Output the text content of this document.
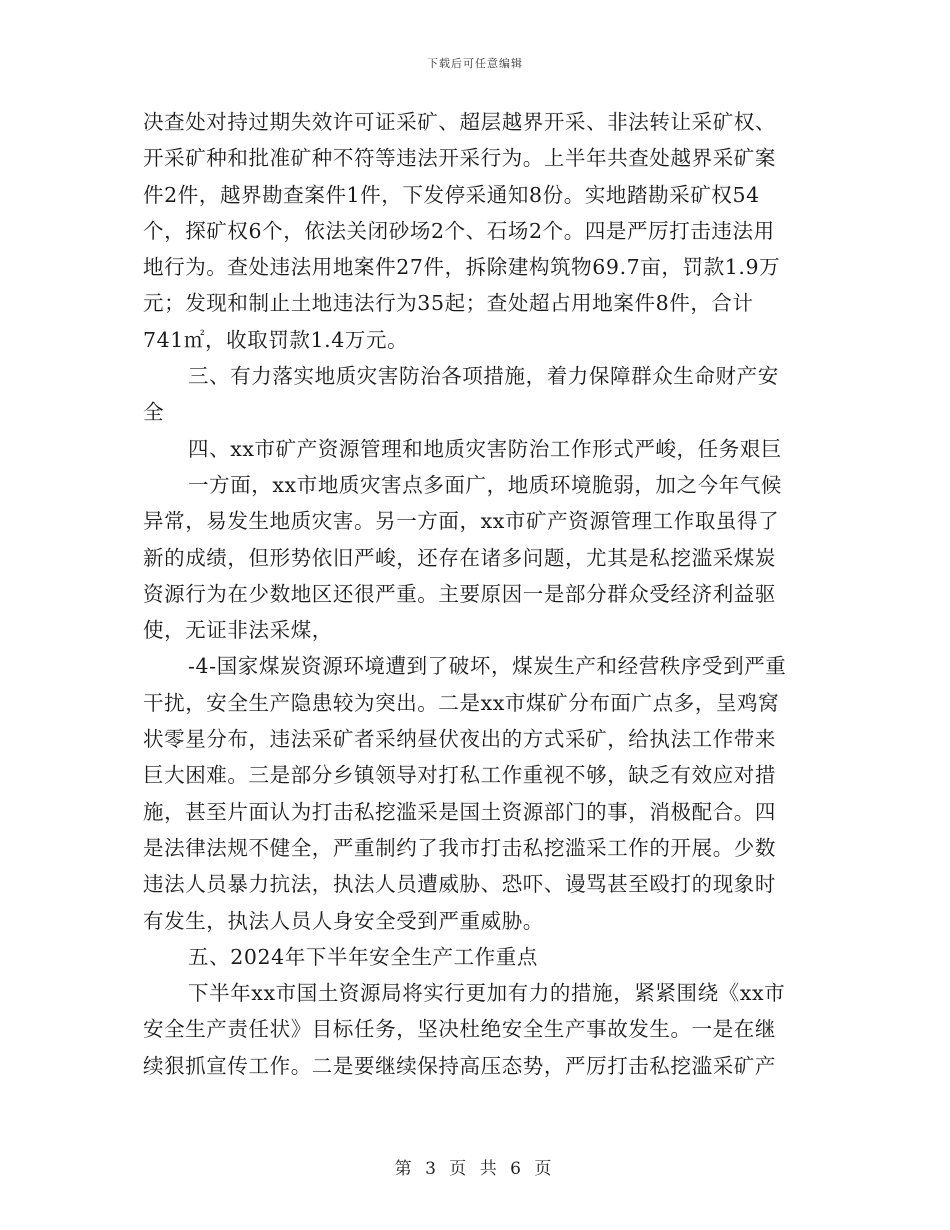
下载后可任意编辑
决查处对持过期失效许可证采矿、超层越界开采、非法转让采矿权、
开采矿种和批准矿种不符等违法开采行为。上半年共查处越界采矿案
件2件，越界勘查案件1件，下发停采通知8份。实地踏勘采矿权54
个，探矿权6个，依法关闭砂场2个、石场2个。四是严厉打击违法用
地行为。查处违法用地案件27件，拆除建构筑物69.7亩，罚款1.9万
元；发现和制止土地违法行为35起；查处超占用地案件8件，合计
741㎡，收取罚款1.4万元。
三、有力落实地质灾害防治各项措施，着力保障群众生命财产安
全
四、xx市矿产资源管理和地质灾害防治工作形式严峻，任务艰巨
一方面，xx市地质灾害点多面广，地质环境脆弱，加之今年气候
异常，易发生地质灾害。另一方面，xx市矿产资源管理工作取虽得了
新的成绩，但形势依旧严峻，还存在诸多问题，尤其是私挖滥采煤炭
资源行为在少数地区还很严重。主要原因一是部分群众受经济利益驱
使，无证非法采煤，
-4-国家煤炭资源环境遭到了破坏，煤炭生产和经营秩序受到严重
干扰，安全生产隐患较为突出。二是xx市煤矿分布面广点多，呈鸡窝
状零星分布，违法采矿者采纳昼伏夜出的方式采矿，给执法工作带来
巨大困难。三是部分乡镇领导对打私工作重视不够，缺乏有效应对措
施，甚至片面认为打击私挖滥采是国土资源部门的事，消极配合。四
是法律法规不健全，严重制约了我市打击私挖滥采工作的开展。少数
违法人员暴力抗法，执法人员遭威胁、恐吓、谩骂甚至殴打的现象时
有发生，执法人员人身安全受到严重威胁。
五、2024年下半年安全生产工作重点
下半年xx市国土资源局将实行更加有力的措施，紧紧围绕《xx市
安全生产责任状》目标任务，坚决杜绝安全生产事故发生。一是在继
续狠抓宣传工作。二是要继续保持高压态势，严厉打击私挖滥采矿产
第 3 页 共 6 页
